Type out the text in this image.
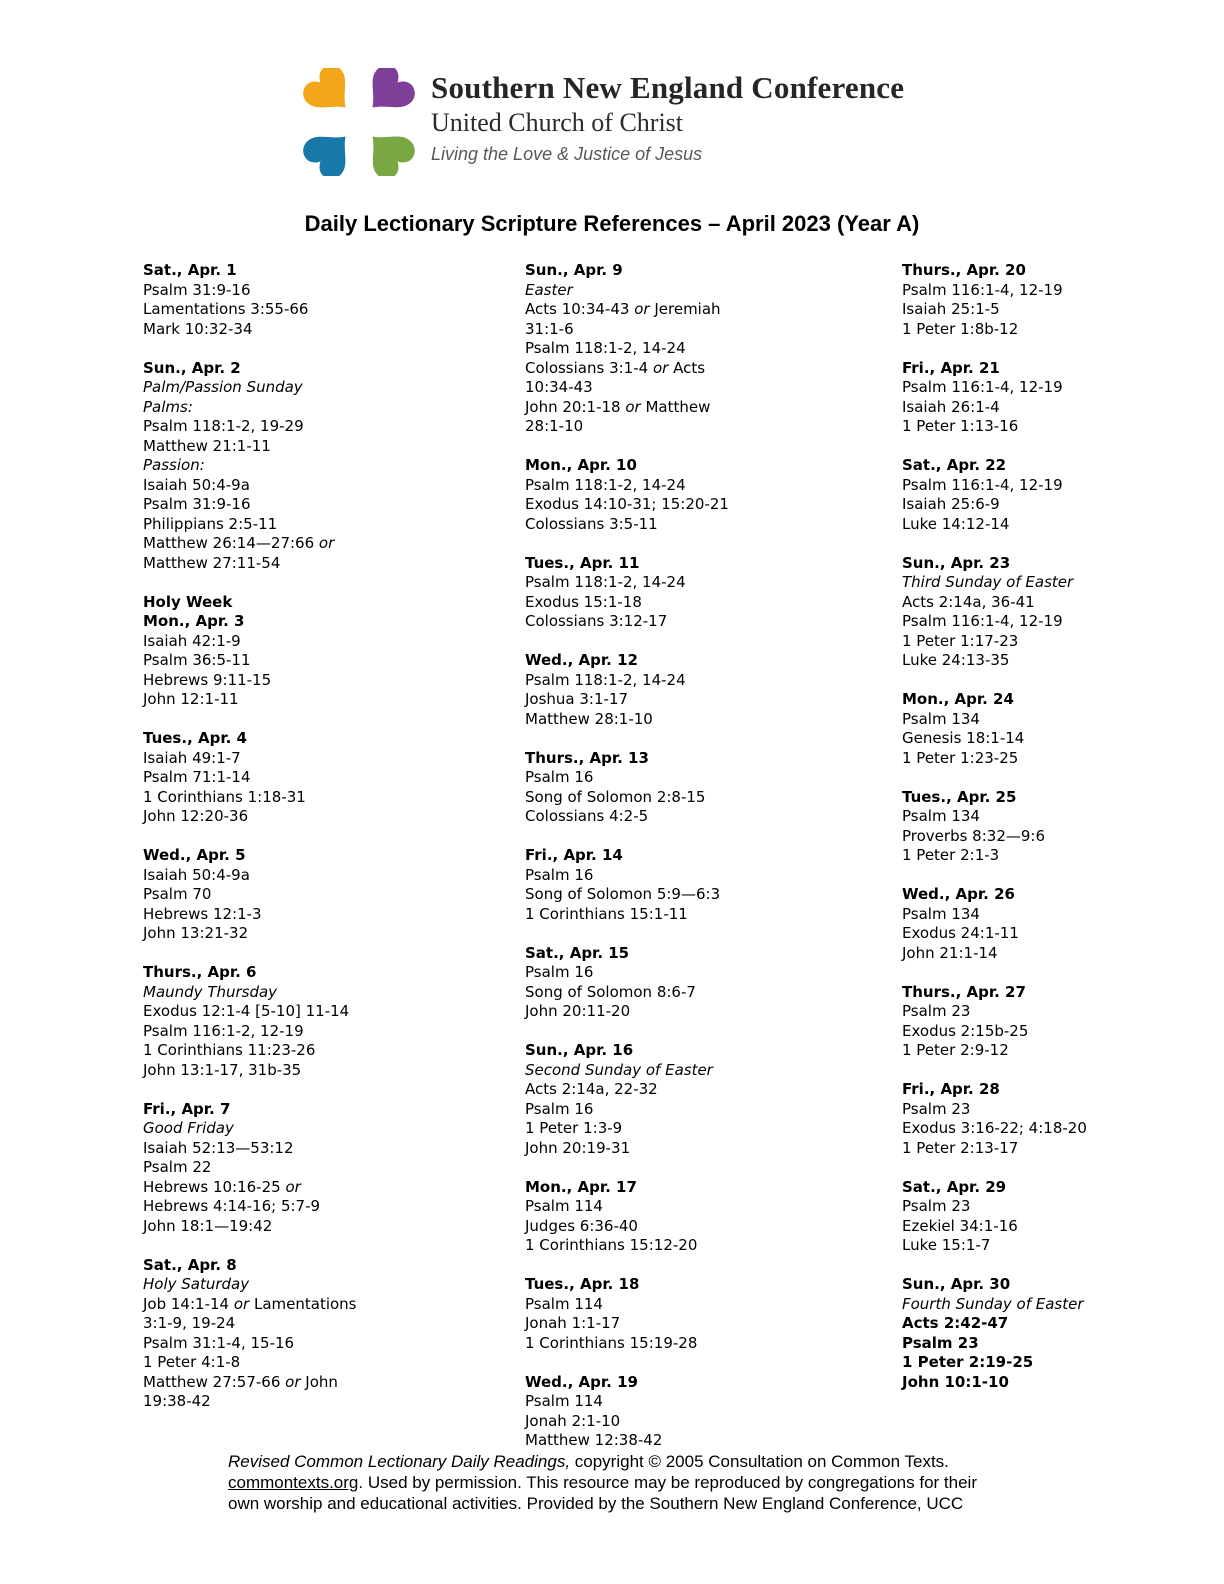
Southern New England Conference
United Church of Christ
Living the Love & Justice of Jesus
Daily Lectionary Scripture References – April 2023 (Year A)
Sat., Apr. 1
Psalm 31:9-16
Lamentations 3:55-66
Mark 10:32-34
Sun., Apr. 2
Palm/Passion Sunday
Palms:
Psalm 118:1-2, 19-29
Matthew 21:1-11
Passion:
Isaiah 50:4-9a
Psalm 31:9-16
Philippians 2:5-11
Matthew 26:14—27:66 or
Matthew 27:11-54
Holy Week
Mon., Apr. 3
Isaiah 42:1-9
Psalm 36:5-11
Hebrews 9:11-15
John 12:1-11
Tues., Apr. 4
Isaiah 49:1-7
Psalm 71:1-14
1 Corinthians 1:18-31
John 12:20-36
Wed., Apr. 5
Isaiah 50:4-9a
Psalm 70
Hebrews 12:1-3
John 13:21-32
Thurs., Apr. 6
Maundy Thursday
Exodus 12:1-4 [5-10] 11-14
Psalm 116:1-2, 12-19
1 Corinthians 11:23-26
John 13:1-17, 31b-35
Fri., Apr. 7
Good Friday
Isaiah 52:13—53:12
Psalm 22
Hebrews 10:16-25 or
Hebrews 4:14-16; 5:7-9
John 18:1—19:42
Sat., Apr. 8
Holy Saturday
Job 14:1-14 or Lamentations
3:1-9, 19-24
Psalm 31:1-4, 15-16
1 Peter 4:1-8
Matthew 27:57-66 or John
19:38-42
Sun., Apr. 9
Easter
Acts 10:34-43 or Jeremiah
31:1-6
Psalm 118:1-2, 14-24
Colossians 3:1-4 or Acts
10:34-43
John 20:1-18 or Matthew
28:1-10
Mon., Apr. 10
Psalm 118:1-2, 14-24
Exodus 14:10-31; 15:20-21
Colossians 3:5-11
Tues., Apr. 11
Psalm 118:1-2, 14-24
Exodus 15:1-18
Colossians 3:12-17
Wed., Apr. 12
Psalm 118:1-2, 14-24
Joshua 3:1-17
Matthew 28:1-10
Thurs., Apr. 13
Psalm 16
Song of Solomon 2:8-15
Colossians 4:2-5
Fri., Apr. 14
Psalm 16
Song of Solomon 5:9—6:3
1 Corinthians 15:1-11
Sat., Apr. 15
Psalm 16
Song of Solomon 8:6-7
John 20:11-20
Sun., Apr. 16
Second Sunday of Easter
Acts 2:14a, 22-32
Psalm 16
1 Peter 1:3-9
John 20:19-31
Mon., Apr. 17
Psalm 114
Judges 6:36-40
1 Corinthians 15:12-20
Tues., Apr. 18
Psalm 114
Jonah 1:1-17
1 Corinthians 15:19-28
Wed., Apr. 19
Psalm 114
Jonah 2:1-10
Matthew 12:38-42
Thurs., Apr. 20
Psalm 116:1-4, 12-19
Isaiah 25:1-5
1 Peter 1:8b-12
Fri., Apr. 21
Psalm 116:1-4, 12-19
Isaiah 26:1-4
1 Peter 1:13-16
Sat., Apr. 22
Psalm 116:1-4, 12-19
Isaiah 25:6-9
Luke 14:12-14
Sun., Apr. 23
Third Sunday of Easter
Acts 2:14a, 36-41
Psalm 116:1-4, 12-19
1 Peter 1:17-23
Luke 24:13-35
Mon., Apr. 24
Psalm 134
Genesis 18:1-14
1 Peter 1:23-25
Tues., Apr. 25
Psalm 134
Proverbs 8:32—9:6
1 Peter 2:1-3
Wed., Apr. 26
Psalm 134
Exodus 24:1-11
John 21:1-14
Thurs., Apr. 27
Psalm 23
Exodus 2:15b-25
1 Peter 2:9-12
Fri., Apr. 28
Psalm 23
Exodus 3:16-22; 4:18-20
1 Peter 2:13-17
Sat., Apr. 29
Psalm 23
Ezekiel 34:1-16
Luke 15:1-7
Sun., Apr. 30
Fourth Sunday of Easter
Acts 2:42-47
Psalm 23
1 Peter 2:19-25
John 10:1-10
Revised Common Lectionary Daily Readings, copyright © 2005 Consultation on Common Texts.
commontexts.org. Used by permission. This resource may be reproduced by congregations for their
own worship and educational activities. Provided by the Southern New England Conference, UCC
